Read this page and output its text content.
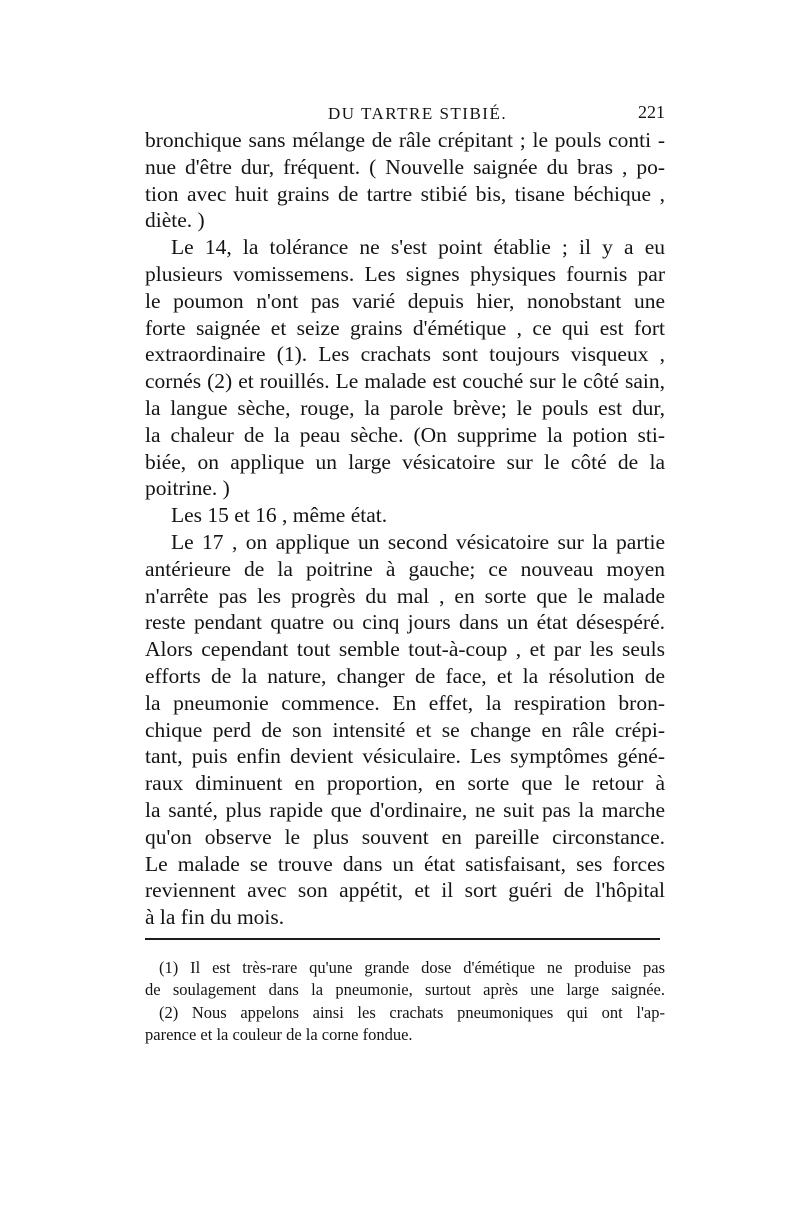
DU TARTRE STIBIÉ.	221
bronchique sans mélange de râle crépitant ; le pouls conti -
nue d'être dur, fréquent. ( Nouvelle saignée du bras , po-
tion avec huit grains de tartre stibié bis, tisane béchique ,
diète. )
Le 14, la tolérance ne s'est point établie ; il y a eu
plusieurs vomissemens. Les signes physiques fournis par
le poumon n'ont pas varié depuis hier, nonobstant une
forte saignée et seize grains d'émétique , ce qui est fort
extraordinaire (1). Les crachats sont toujours visqueux ,
cornés (2) et rouillés. Le malade est couché sur le côté sain,
la langue sèche, rouge, la parole brève; le pouls est dur,
la chaleur de la peau sèche. (On supprime la potion sti-
biée, on applique un large vésicatoire sur le côté de la
poitrine. )
Les 15 et 16 , même état.
Le 17 , on applique un second vésicatoire sur la partie
antérieure de la poitrine à gauche; ce nouveau moyen
n'arrête pas les progrès du mal , en sorte que le malade
reste pendant quatre ou cinq jours dans un état désespéré.
Alors cependant tout semble tout-à-coup , et par les seuls
efforts de la nature, changer de face, et la résolution de
la pneumonie commence. En effet, la respiration bron-
chique perd de son intensité et se change en râle crépi-
tant, puis enfin devient vésiculaire. Les symptômes géné-
raux diminuent en proportion, en sorte que le retour à
la santé, plus rapide que d'ordinaire, ne suit pas la marche
qu'on observe le plus souvent en pareille circonstance.
Le malade se trouve dans un état satisfaisant, ses forces
reviennent avec son appétit, et il sort guéri de l'hôpital
à la fin du mois.
(1) Il est très-rare qu'une grande dose d'émétique ne produise pas
de soulagement dans la pneumonie, surtout après une large saignée.
(2) Nous appelons ainsi les crachats pneumoniques qui ont l'ap-
parence et la couleur de la corne fondue.
